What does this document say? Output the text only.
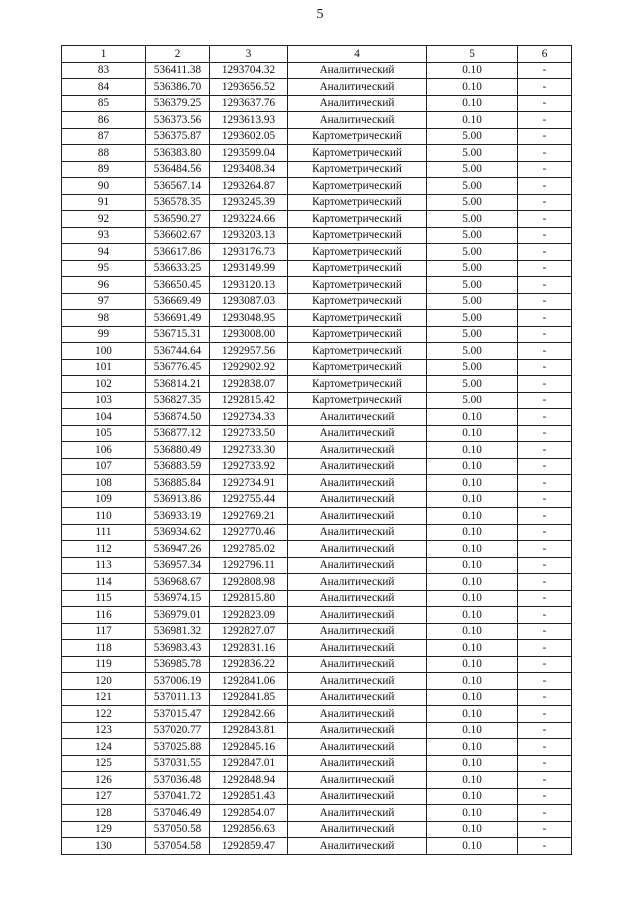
5
1	2	3	4	5	6
83	536411.38	1293704.32	Аналитический	0.10	-
84	536386.70	1293656.52	Аналитический	0.10	-
85	536379.25	1293637.76	Аналитический	0.10	-
86	536373.56	1293613.93	Аналитический	0.10	-
87	536375.87	1293602.05	Картометрический	5.00	-
88	536383.80	1293599.04	Картометрический	5.00	-
89	536484.56	1293408.34	Картометрический	5.00	-
90	536567.14	1293264.87	Картометрический	5.00	-
91	536578.35	1293245.39	Картометрический	5.00	-
92	536590.27	1293224.66	Картометрический	5.00	-
93	536602.67	1293203.13	Картометрический	5.00	-
94	536617.86	1293176.73	Картометрический	5.00	-
95	536633.25	1293149.99	Картометрический	5.00	-
96	536650.45	1293120.13	Картометрический	5.00	-
97	536669.49	1293087.03	Картометрический	5.00	-
98	536691.49	1293048.95	Картометрический	5.00	-
99	536715.31	1293008.00	Картометрический	5.00	-
100	536744.64	1292957.56	Картометрический	5.00	-
101	536776.45	1292902.92	Картометрический	5.00	-
102	536814.21	1292838.07	Картометрический	5.00	-
103	536827.35	1292815.42	Картометрический	5.00	-
104	536874.50	1292734.33	Аналитический	0.10	-
105	536877.12	1292733.50	Аналитический	0.10	-
106	536880.49	1292733.30	Аналитический	0.10	-
107	536883.59	1292733.92	Аналитический	0.10	-
108	536885.84	1292734.91	Аналитический	0.10	-
109	536913.86	1292755.44	Аналитический	0.10	-
110	536933.19	1292769.21	Аналитический	0.10	-
111	536934.62	1292770.46	Аналитический	0.10	-
112	536947.26	1292785.02	Аналитический	0.10	-
113	536957.34	1292796.11	Аналитический	0.10	-
114	536968.67	1292808.98	Аналитический	0.10	-
115	536974.15	1292815.80	Аналитический	0.10	-
116	536979.01	1292823.09	Аналитический	0.10	-
117	536981.32	1292827.07	Аналитический	0.10	-
118	536983.43	1292831.16	Аналитический	0.10	-
119	536985.78	1292836.22	Аналитический	0.10	-
120	537006.19	1292841.06	Аналитический	0.10	-
121	537011.13	1292841.85	Аналитический	0.10	-
122	537015.47	1292842.66	Аналитический	0.10	-
123	537020.77	1292843.81	Аналитический	0.10	-
124	537025.88	1292845.16	Аналитический	0.10	-
125	537031.55	1292847.01	Аналитический	0.10	-
126	537036.48	1292848.94	Аналитический	0.10	-
127	537041.72	1292851.43	Аналитический	0.10	-
128	537046.49	1292854.07	Аналитический	0.10	-
129	537050.58	1292856.63	Аналитический	0.10	-
130	537054.58	1292859.47	Аналитический	0.10	-
